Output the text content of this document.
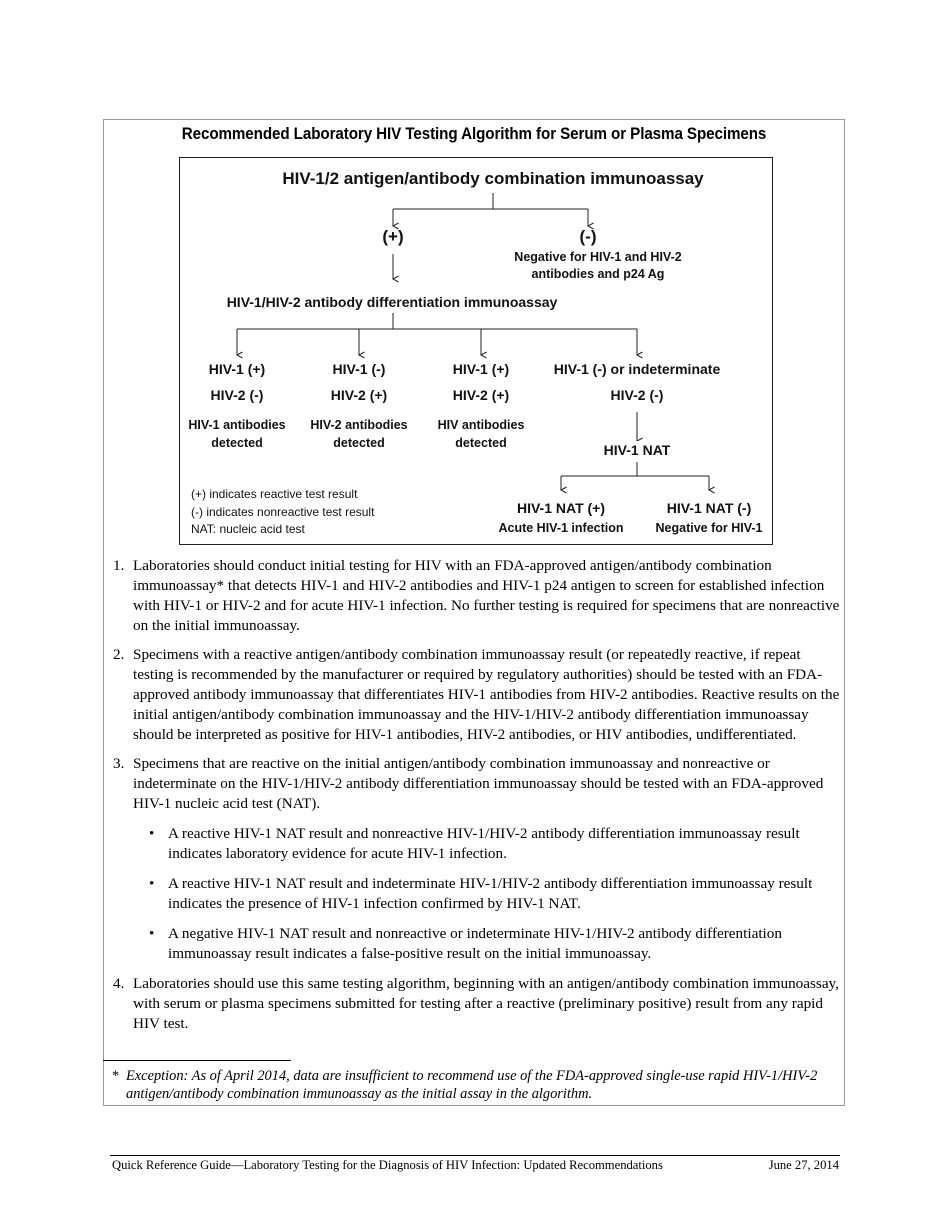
Recommended Laboratory HIV Testing Algorithm for Serum or Plasma Specimens
HIV-1/2 antigen/antibody combination immunoassay
(+)	(-)
Negative for HIV-1 and HIV-2
antibodies and p24 Ag
HIV-1/HIV-2 antibody differentiation immunoassay
HIV-1 (+)
HIV-2 (-)
HIV-1 antibodies
detected
HIV-1 (-)
HIV-2 (+)
HIV-2 antibodies
detected
HIV-1 (+)
HIV-2 (+)
HIV antibodies
detected
HIV-1 (-) or indeterminate
HIV-2 (-)
HIV-1 NAT
HIV-1 NAT (+)
Acute HIV-1 infection
HIV-1 NAT (-)
Negative for HIV-1
(+) indicates reactive test result
(-) indicates nonreactive test result
NAT: nucleic acid test
1. Laboratories should conduct initial testing for HIV with an FDA-approved antigen/antibody combination immunoassay* that detects HIV-1 and HIV-2 antibodies and HIV-1 p24 antigen to screen for established infection with HIV-1 or HIV-2 and for acute HIV-1 infection. No further testing is required for specimens that are nonreactive on the initial immunoassay.
2. Specimens with a reactive antigen/antibody combination immunoassay result (or repeatedly reactive, if repeat testing is recommended by the manufacturer or required by regulatory authorities) should be tested with an FDA-approved antibody immunoassay that differentiates HIV-1 antibodies from HIV-2 antibodies. Reactive results on the initial antigen/antibody combination immunoassay and the HIV-1/HIV-2 antibody differentiation immunoassay should be interpreted as positive for HIV-1 antibodies, HIV-2 antibodies, or HIV antibodies, undifferentiated.
3. Specimens that are reactive on the initial antigen/antibody combination immunoassay and nonreactive or indeterminate on the HIV-1/HIV-2 antibody differentiation immunoassay should be tested with an FDA-approved HIV-1 nucleic acid test (NAT).
• A reactive HIV-1 NAT result and nonreactive HIV-1/HIV-2 antibody differentiation immunoassay result indicates laboratory evidence for acute HIV-1 infection.
• A reactive HIV-1 NAT result and indeterminate HIV-1/HIV-2 antibody differentiation immunoassay result indicates the presence of HIV-1 infection confirmed by HIV-1 NAT.
• A negative HIV-1 NAT result and nonreactive or indeterminate HIV-1/HIV-2 antibody differentiation immunoassay result indicates a false-positive result on the initial immunoassay.
4. Laboratories should use this same testing algorithm, beginning with an antigen/antibody combination immunoassay, with serum or plasma specimens submitted for testing after a reactive (preliminary positive) result from any rapid HIV test.
* Exception: As of April 2014, data are insufficient to recommend use of the FDA-approved single-use rapid HIV-1/HIV-2 antigen/antibody combination immunoassay as the initial assay in the algorithm.
Quick Reference Guide—Laboratory Testing for the Diagnosis of HIV Infection: Updated Recommendations	June 27, 2014
